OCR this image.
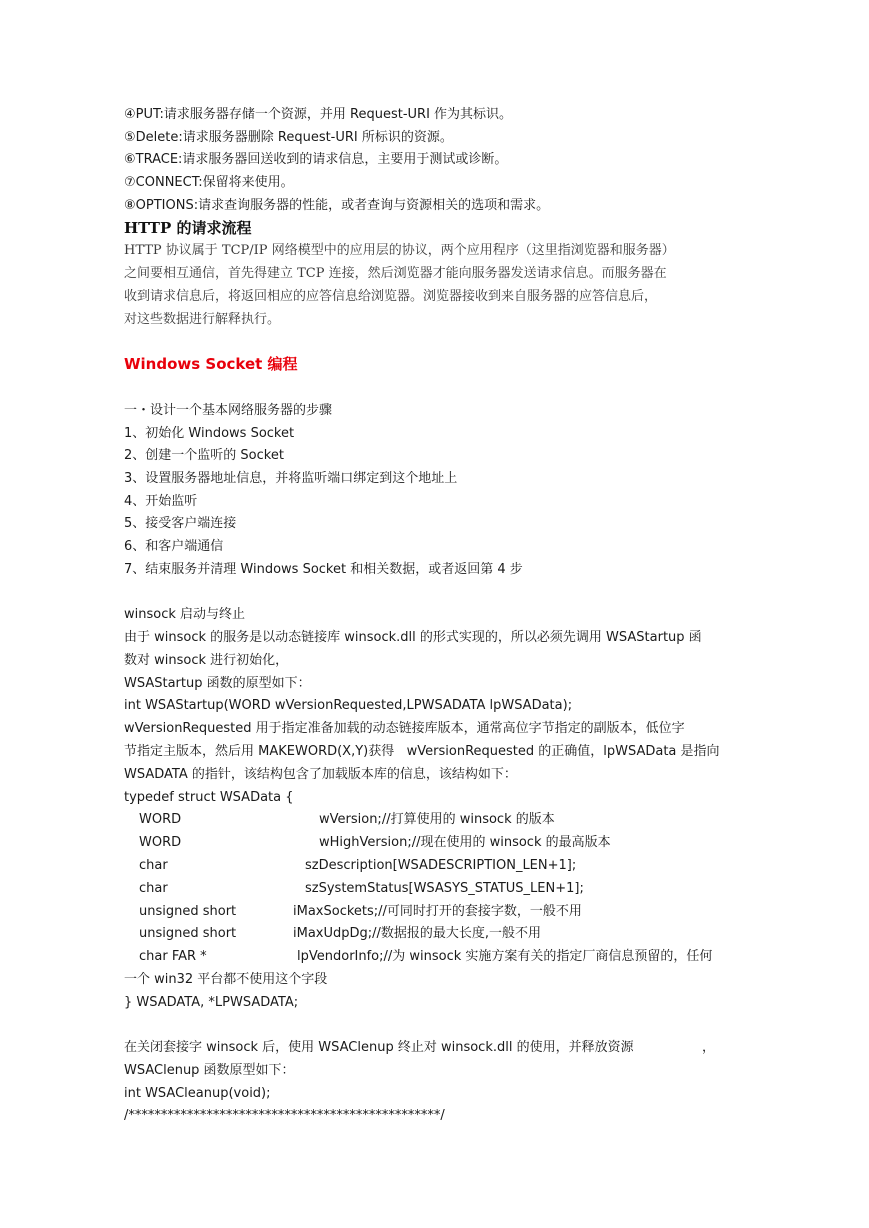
④PUT:请求服务器存储一个资源，并用 Request-URI 作为其标识。
⑤Delete:请求服务器删除 Request-URI 所标识的资源。
⑥TRACE:请求服务器回送收到的请求信息，主要用于测试或诊断。
⑦CONNECT:保留将来使用。
⑧OPTIONS:请求查询服务器的性能，或者查询与资源相关的选项和需求。
HTTP 的请求流程
HTTP 协议属于 TCP/IP 网络模型中的应用层的协议，两个应用程序（这里指浏览器和服务器）
之间要相互通信，首先得建立 TCP 连接，然后浏览器才能向服务器发送请求信息。而服务器在
收到请求信息后，将返回相应的应答信息给浏览器。浏览器接收到来自服务器的应答信息后，
对这些数据进行解释执行。
Windows Socket 编程
一・设计一个基本网络服务器的步骤
1、初始化 Windows Socket
2、创建一个监听的 Socket
3、设置服务器地址信息，并将监听端口绑定到这个地址上
4、开始监听
5、接受客户端连接
6、和客户端通信
7、结束服务并清理 Windows Socket 和相关数据，或者返回第 4 步
winsock 启动与终止
由于 winsock 的服务是以动态链接库 winsock.dll 的形式实现的，所以必须先调用 WSAStartup 函
数对 winsock 进行初始化，
WSAStartup 函数的原型如下：
int WSAStartup(WORD wVersionRequested,LPWSADATA lpWSAData);
wVersionRequested 用于指定准备加载的动态链接库版本，通常高位字节指定的副版本，低位字
节指定主版本，然后用 MAKEWORD(X,Y)获得   wVersionRequested 的正确值，lpWSAData 是指向
WSADATA 的指针，该结构包含了加载版本库的信息，该结构如下：
typedef struct WSAData {
WORD	wVersion;//打算使用的 winsock 的版本
WORD	wHighVersion;//现在使用的 winsock 的最高版本
char	szDescription[WSADESCRIPTION_LEN+1];
char	szSystemStatus[WSASYS_STATUS_LEN+1];
unsigned short	iMaxSockets;//可同时打开的套接字数，一般不用
unsigned short	iMaxUdpDg;//数据报的最大长度,一般不用
char FAR *	lpVendorInfo;//为 winsock 实施方案有关的指定厂商信息预留的，任何
一个 win32 平台都不使用这个字段
} WSADATA, *LPWSADATA;
在关闭套接字 winsock 后，使用 WSAClenup 终止对 winsock.dll 的使用，并释放资源	，
WSAClenup 函数原型如下：
int WSACleanup(void);
/************************************************/
